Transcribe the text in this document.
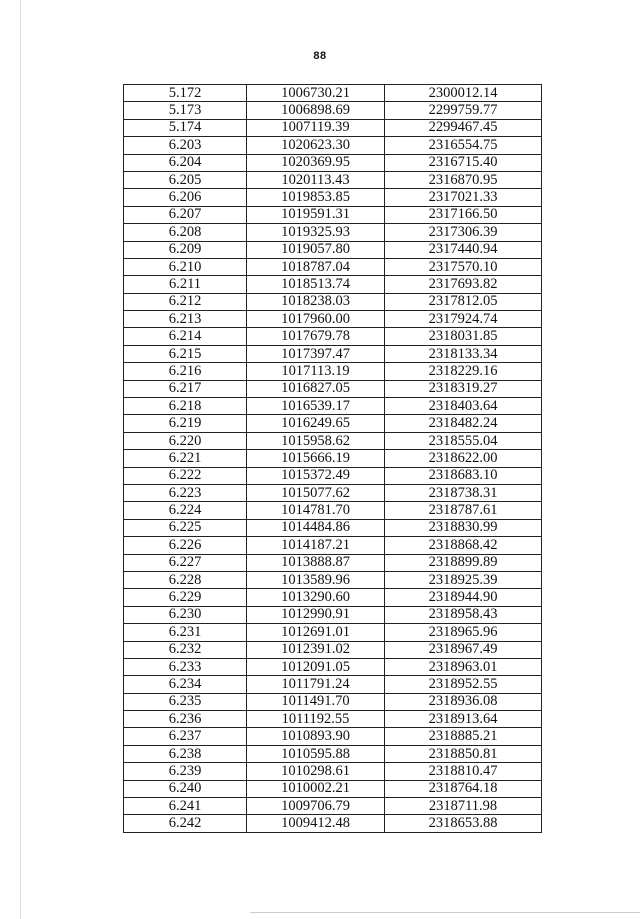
88
5.172	1006730.21	2300012.14
5.173	1006898.69	2299759.77
5.174	1007119.39	2299467.45
6.203	1020623.30	2316554.75
6.204	1020369.95	2316715.40
6.205	1020113.43	2316870.95
6.206	1019853.85	2317021.33
6.207	1019591.31	2317166.50
6.208	1019325.93	2317306.39
6.209	1019057.80	2317440.94
6.210	1018787.04	2317570.10
6.211	1018513.74	2317693.82
6.212	1018238.03	2317812.05
6.213	1017960.00	2317924.74
6.214	1017679.78	2318031.85
6.215	1017397.47	2318133.34
6.216	1017113.19	2318229.16
6.217	1016827.05	2318319.27
6.218	1016539.17	2318403.64
6.219	1016249.65	2318482.24
6.220	1015958.62	2318555.04
6.221	1015666.19	2318622.00
6.222	1015372.49	2318683.10
6.223	1015077.62	2318738.31
6.224	1014781.70	2318787.61
6.225	1014484.86	2318830.99
6.226	1014187.21	2318868.42
6.227	1013888.87	2318899.89
6.228	1013589.96	2318925.39
6.229	1013290.60	2318944.90
6.230	1012990.91	2318958.43
6.231	1012691.01	2318965.96
6.232	1012391.02	2318967.49
6.233	1012091.05	2318963.01
6.234	1011791.24	2318952.55
6.235	1011491.70	2318936.08
6.236	1011192.55	2318913.64
6.237	1010893.90	2318885.21
6.238	1010595.88	2318850.81
6.239	1010298.61	2318810.47
6.240	1010002.21	2318764.18
6.241	1009706.79	2318711.98
6.242	1009412.48	2318653.88
